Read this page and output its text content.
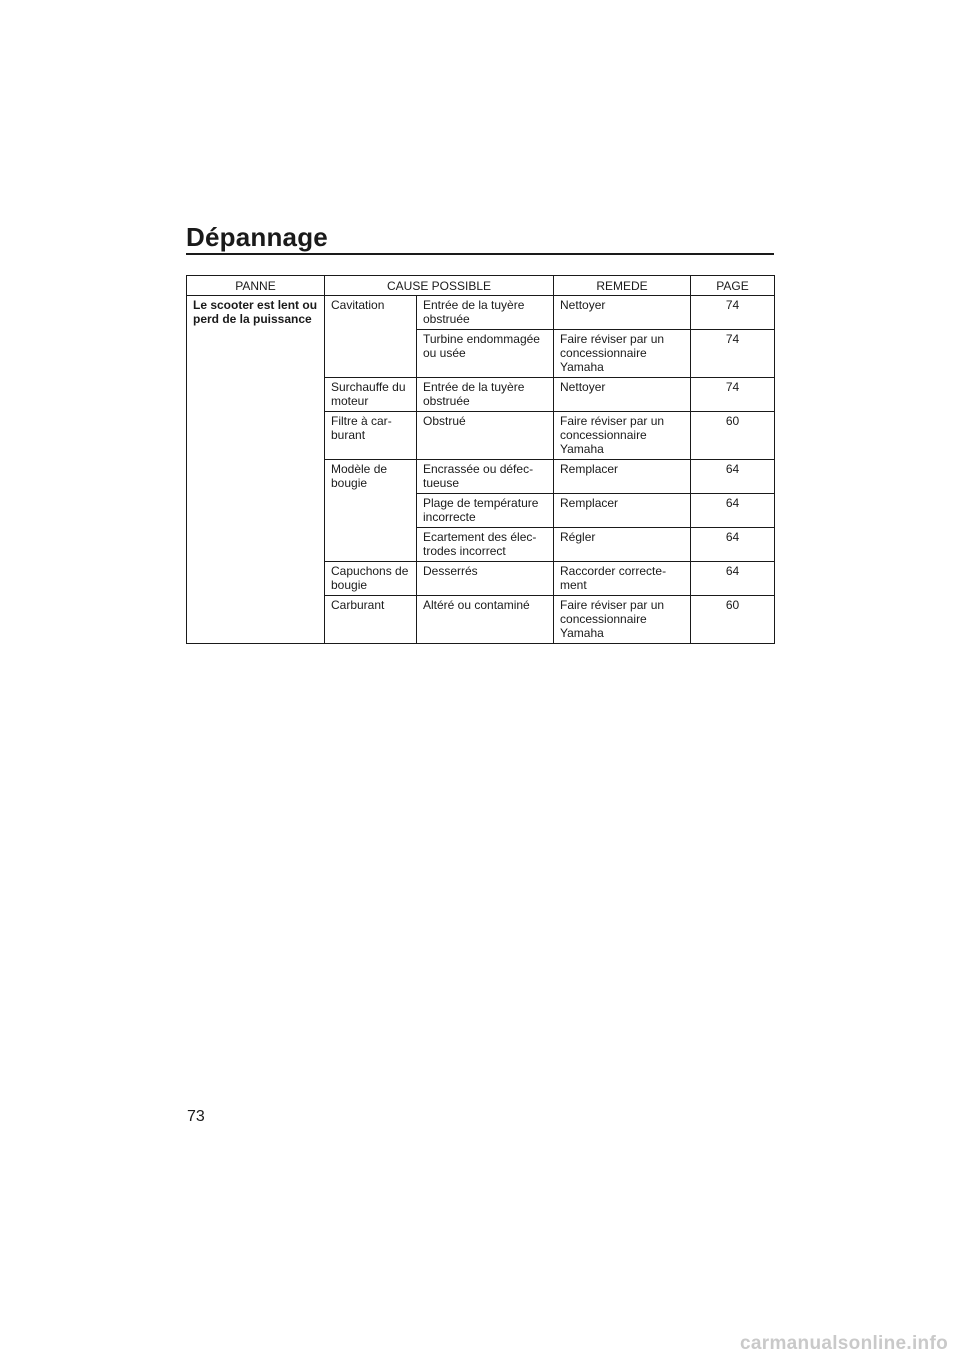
Dépannage
PANNE	CAUSE POSSIBLE		REMEDE	PAGE
Le scooter est lent ou perd de la puissance	Cavitation	Entrée de la tuyère obstruée	Nettoyer	74
		Turbine endommagée ou usée	Faire réviser par un concessionnaire Yamaha	74
	Surchauffe du moteur	Entrée de la tuyère obstruée	Nettoyer	74
	Filtre à carburant	Obstrué	Faire réviser par un concessionnaire Yamaha	60
	Modèle de bougie	Encrassée ou défectueuse	Remplacer	64
		Plage de température incorrecte	Remplacer	64
		Ecartement des électrodes incorrect	Régler	64
	Capuchons de bougie	Desserrés	Raccorder correctement	64
	Carburant	Altéré ou contaminé	Faire réviser par un concessionnaire Yamaha	60
73
carmanualsonline.info
